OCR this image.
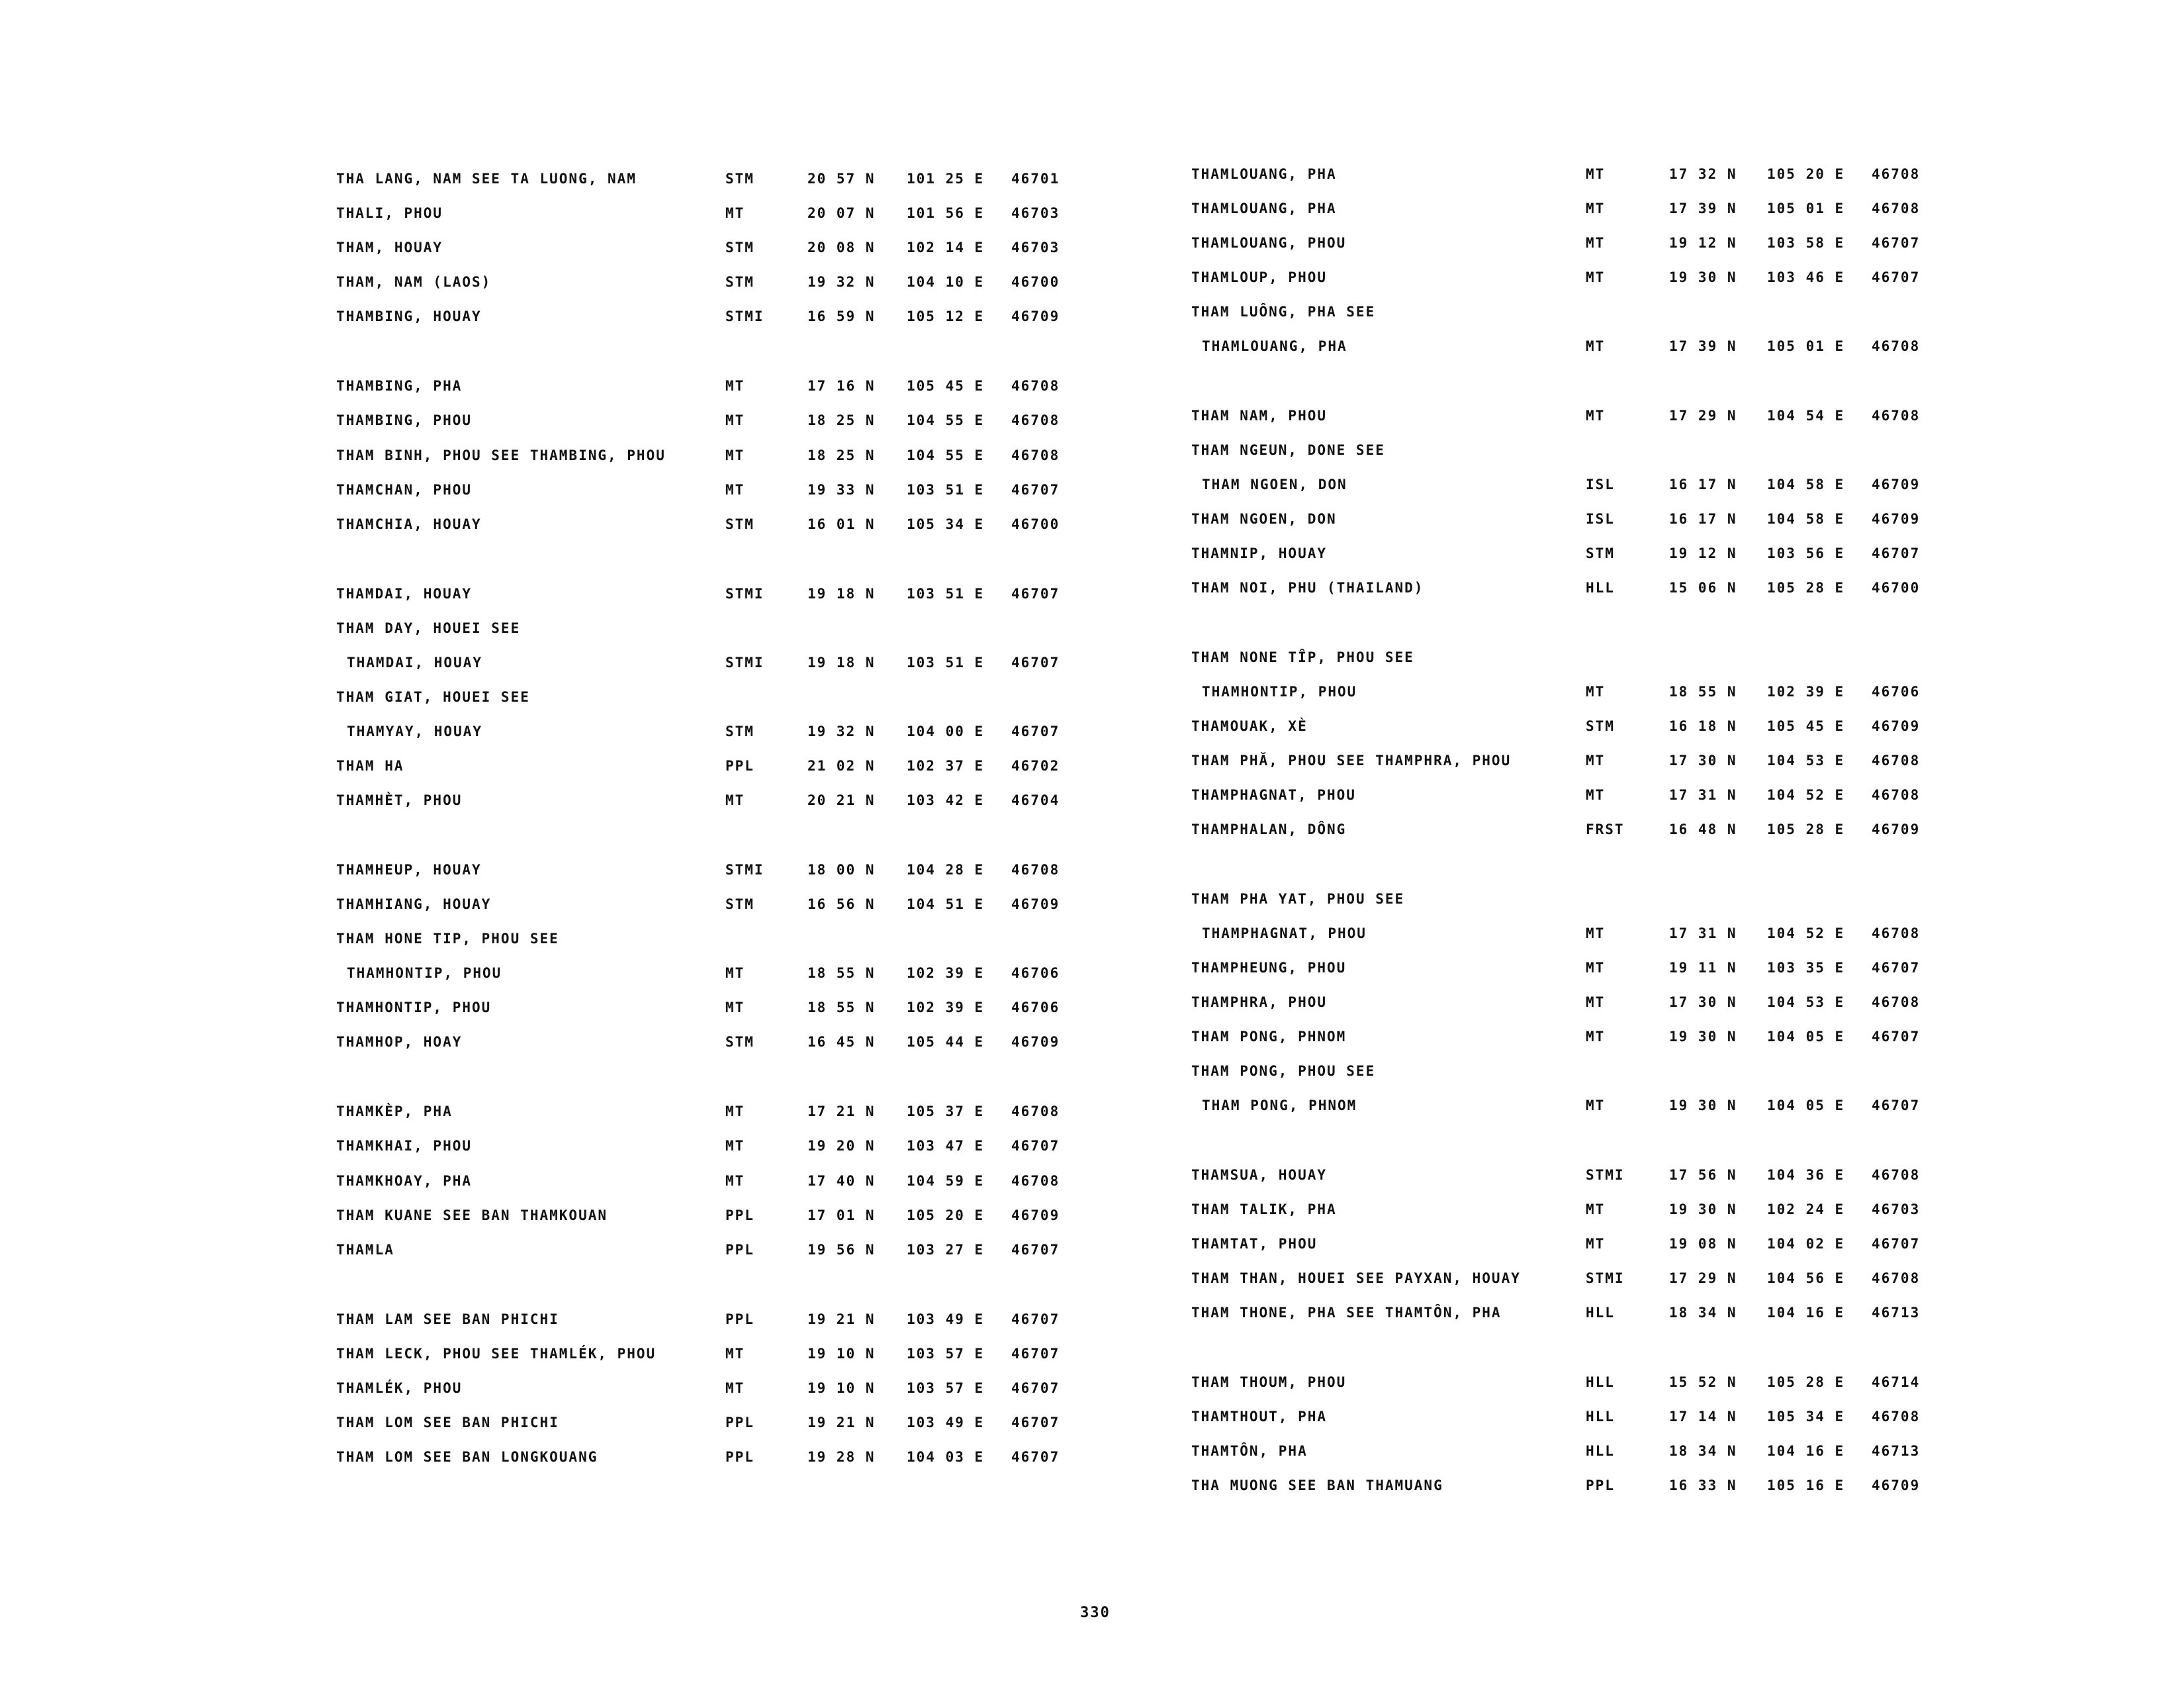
THA LANG, NAM SEE TA LUONG, NAM	STM	20 57 N 101 25 E 46701
THALI, PHOU	MT	20 07 N 101 56 E 46703
THAM, HOUAY	STM	20 08 N 102 14 E 46703
THAM, NAM (LAOS)	STM	19 32 N 104 10 E 46700
THAMBING, HOUAY	STMI	16 59 N 105 12 E 46709
THAMBING, PHA	MT	17 16 N 105 45 E 46708
THAMBING, PHOU	MT	18 25 N 104 55 E 46708
THAM BINH, PHOU SEE THAMBING, PHOU	MT	18 25 N 104 55 E 46708
THAMCHAN, PHOU	MT	19 33 N 103 51 E 46707
THAMCHIA, HOUAY	STM	16 01 N 105 34 E 46700
THAMDAI, HOUAY	STMI	19 18 N 103 51 E 46707
THAM DAY, HOUEI SEE
THAMDAI, HOUAY	STMI	19 18 N 103 51 E 46707
THAM GIAT, HOUEI SEE
THAMYAY, HOUAY	STM	19 32 N 104 00 E 46707
THAM HA	PPL	21 02 N 102 37 E 46702
THAMHÈT, PHOU	MT	20 21 N 103 42 E 46704
THAMHEUP, HOUAY	STMI	18 00 N 104 28 E 46708
THAMHIANG, HOUAY	STM	16 56 N 104 51 E 46709
THAM HONE TIP, PHOU SEE
THAMHONTIP, PHOU	MT	18 55 N 102 39 E 46706
THAMHONTIP, PHOU	MT	18 55 N 102 39 E 46706
THAMHOP, HOAY	STM	16 45 N 105 44 E 46709
THAMKÈP, PHA	MT	17 21 N 105 37 E 46708
THAMKHAI, PHOU	MT	19 20 N 103 47 E 46707
THAMKHOAY, PHA	MT	17 40 N 104 59 E 46708
THAM KUANE SEE BAN THAMKOUAN	PPL	17 01 N 105 20 E 46709
THAMLA	PPL	19 56 N 103 27 E 46707
THAM LAM SEE BAN PHICHI	PPL	19 21 N 103 49 E 46707
THAM LECK, PHOU SEE THAMLÉK, PHOU	MT	19 10 N 103 57 E 46707
THAMLÉK, PHOU	MT	19 10 N 103 57 E 46707
THAM LOM SEE BAN PHICHI	PPL	19 21 N 103 49 E 46707
THAM LOM SEE BAN LONGKOUANG	PPL	19 28 N 104 03 E 46707
THAMLOUANG, PHA	MT	17 32 N 105 20 E 46708
THAMLOUANG, PHA	MT	17 39 N 105 01 E 46708
THAMLOUANG, PHOU	MT	19 12 N 103 58 E 46707
THAMLOUP, PHOU	MT	19 30 N 103 46 E 46707
THAM LUÔNG, PHA SEE
THAMLOUANG, PHA	MT	17 39 N 105 01 E 46708
THAM NAM, PHOU	MT	17 29 N 104 54 E 46708
THAM NGEUN, DONE SEE
THAM NGOEN, DON	ISL	16 17 N 104 58 E 46709
THAM NGOEN, DON	ISL	16 17 N 104 58 E 46709
THAMNIP, HOUAY	STM	19 12 N 103 56 E 46707
THAM NOI, PHU (THAILAND)	HLL	15 06 N 105 28 E 46700
THAM NONE TÎP, PHOU SEE
THAMHONTIP, PHOU	MT	18 55 N 102 39 E 46706
THAMOUAK, XÈ	STM	16 18 N 105 45 E 46709
THAM PHĂ, PHOU SEE THAMPHRA, PHOU	MT	17 30 N 104 53 E 46708
THAMPHAGNAT, PHOU	MT	17 31 N 104 52 E 46708
THAMPHALAN, DÔNG	FRST	16 48 N 105 28 E 46709
THAM PHA YAT, PHOU SEE
THAMPHAGNAT, PHOU	MT	17 31 N 104 52 E 46708
THAMPHEUNG, PHOU	MT	19 11 N 103 35 E 46707
THAMPHRA, PHOU	MT	17 30 N 104 53 E 46708
THAM PONG, PHNOM	MT	19 30 N 104 05 E 46707
THAM PONG, PHOU SEE
THAM PONG, PHNOM	MT	19 30 N 104 05 E 46707
THAMSUA, HOUAY	STMI	17 56 N 104 36 E 46708
THAM TALIK, PHA	MT	19 30 N 102 24 E 46703
THAMTAT, PHOU	MT	19 08 N 104 02 E 46707
THAM THAN, HOUEI SEE PAYXAN, HOUAY	STMI	17 29 N 104 56 E 46708
THAM THONE, PHA SEE THAMTÔN, PHA	HLL	18 34 N 104 16 E 46713
THAM THOUM, PHOU	HLL	15 52 N 105 28 E 46714
THAMTHOUT, PHA	HLL	17 14 N 105 34 E 46708
THAMTÔN, PHA	HLL	18 34 N 104 16 E 46713
THA MUONG SEE BAN THAMUANG	PPL	16 33 N 105 16 E 46709
330
